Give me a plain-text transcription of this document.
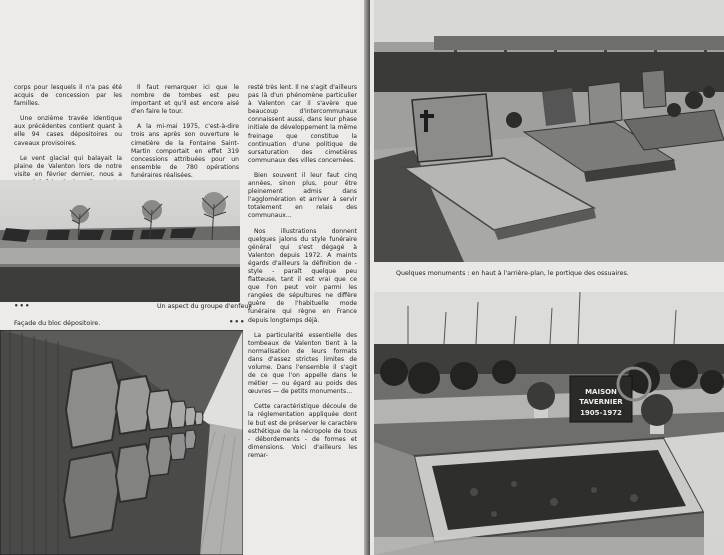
corps pour lesquels il n'a pas été acquis de concession par les familles.

Une onzième travée identique aux précédentes contient quant à elle 94 cases dépositoires ou caveaux provisoires.

Le vent glacial qui balayait la plaine de Valenton lors de notre visite en février dernier, nous a

Il faut remarquer ici que le nombre de tombes est peu important et qu'il est encore aisé d'en faire le tour.

A la mi-mai 1975, c'est-à-dire trois ans après son ouverture le cimetière de la Fontaine Saint-Martin comportait en effet 319 concessions attribuées pour un ensemble de 780 opérations funéraires réalisées.

resté très lent. Il ne s'agit d'ailleurs pas là d'un phénomène particulier à Valenton car il s'avère que beaucoup d'intercommunaux connaissent aussi, dans leur phase initiale de développement la même freinage que constitue la continuation d'une politique de sursaturation des cimetières communaux des villes concernées.

Bien souvent il leur faut cinq années, sinon plus, pour être pleinement admis dans l'agglomération et arriver à servir totalement en relais des communaux...

Nos illustrations donnent quelques jalons du style funéraire général qui s'est dégagé à Valenton depuis 1972. A maints égards d'ailleurs la définition de - style - paraît quelque peu flatteuse, tant il est vrai que ce que l'on peut voir parmi les rangées de sépultures ne diffère guère de l'habituelle mode funéraire qui règne en France depuis longtemps déjà.

La particularité essentielle des tombeaux de Valenton tient à la normalisation de leurs formats dans d'assez strictes limites de volume. Dans l'ensemble il s'agit de ce que l'on appelle dans le métier — ou égard au poids des œuvres — de petits monuments...

Cette caractéristique découle de la réglementation appliquée dont le but est de préserver le caractère esthétique de la nécropole de tous - débordements - de formes et dimensions. Voici d'ailleurs les remar-

•••	Un aspect du groupe d'enfeux
Façade du bloc dépositoire.	•••
Quelques monuments : en haut à l'arrière-plan, le portique des ossuaires.
MAISON
TAVERNIER
1905-1972
